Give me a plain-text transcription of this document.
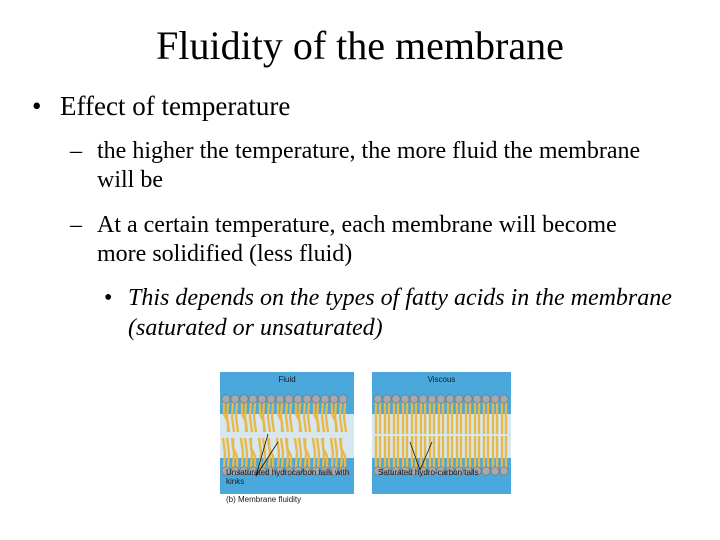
Fluidity of the membrane
• Effect of temperature
– the higher the temperature, the more fluid the membrane will be
– At a certain temperature, each membrane will become more solidified (less fluid)
• This depends on the types of fatty acids in the membrane (saturated or unsaturated)
Fluid
Unsaturated hydrocarbon tails with kinks
Viscous
Saturated hydro-carbon tails
(b) Membrane fluidity
